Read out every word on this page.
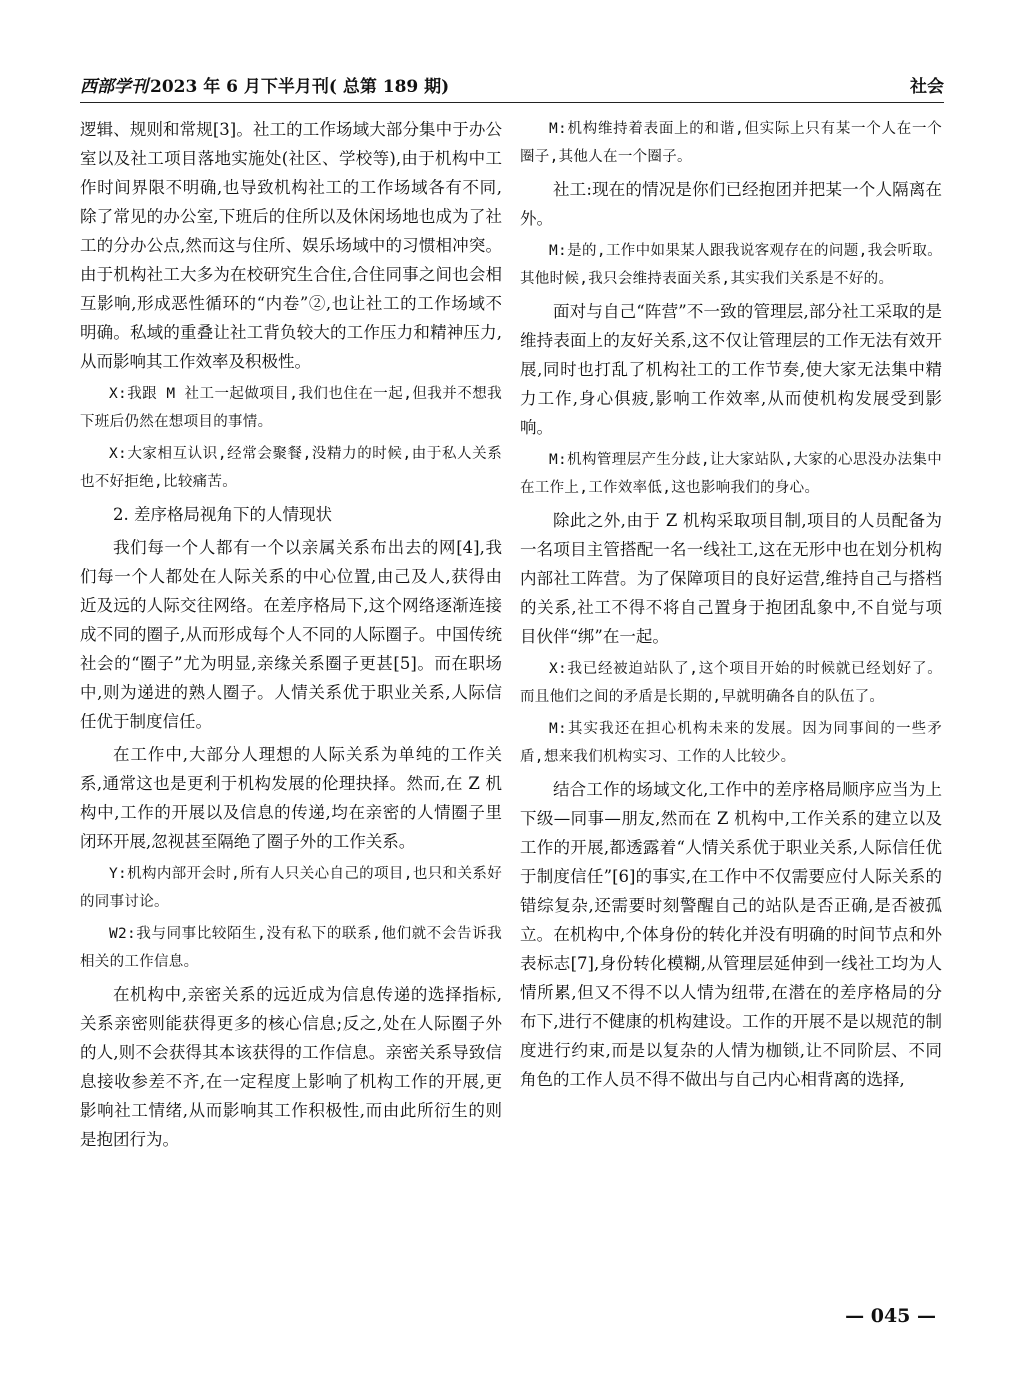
西部学刊 2023 年 6 月下半月刊( 总第 189 期)	社会

逻辑、规则和常规[3]。社工的工作场域大部分集中于办公室以及社工项目落地实施处(社区、学校等),由于机构中工作时间界限不明确,也导致机构社工的工作场域各有不同,除了常见的办公室,下班后的住所以及休闲场地也成为了社工的分办公点,然而这与住所、娱乐场域中的习惯相冲突。由于机构社工大多为在校研究生合住,合住同事之间也会相互影响,形成恶性循环的“内卷”②,也让社工的工作场域不明确。私域的重叠让社工背负较大的工作压力和精神压力,从而影响其工作效率及积极性。

X:我跟 M 社工一起做项目,我们也住在一起,但我并不想我下班后仍然在想项目的事情。

X:大家相互认识,经常会聚餐,没精力的时候,由于私人关系也不好拒绝,比较痛苦。

2. 差序格局视角下的人情现状

我们每一个人都有一个以亲属关系布出去的网[4],我们每一个人都处在人际关系的中心位置,由己及人,获得由近及远的人际交往网络。在差序格局下,这个网络逐渐连接成不同的圈子,从而形成每个人不同的人际圈子。中国传统社会的“圈子”尤为明显,亲缘关系圈子更甚[5]。而在职场中,则为递进的熟人圈子。人情关系优于职业关系,人际信任优于制度信任。

在工作中,大部分人理想的人际关系为单纯的工作关系,通常这也是更利于机构发展的伦理抉择。然而,在 Z 机构中,工作的开展以及信息的传递,均在亲密的人情圈子里闭环开展,忽视甚至隔绝了圈子外的工作关系。

Y:机构内部开会时,所有人只关心自己的项目,也只和关系好的同事讨论。

W2:我与同事比较陌生,没有私下的联系,他们就不会告诉我相关的工作信息。

在机构中,亲密关系的远近成为信息传递的选择指标,关系亲密则能获得更多的核心信息;反之,处在人际圈子外的人,则不会获得其本该获得的工作信息。亲密关系导致信息接收参差不齐,在一定程度上影响了机构工作的开展,更影响社工情绪,从而影响其工作积极性,而由此所衍生的则是抱团行为。

M:机构维持着表面上的和谐,但实际上只有某一个人在一个圈子,其他人在一个圈子。

社工:现在的情况是你们已经抱团并把某一个人隔离在外。

M:是的,工作中如果某人跟我说客观存在的问题,我会听取。其他时候,我只会维持表面关系,其实我们关系是不好的。

面对与自己“阵营”不一致的管理层,部分社工采取的是维持表面上的友好关系,这不仅让管理层的工作无法有效开展,同时也打乱了机构社工的工作节奏,使大家无法集中精力工作,身心俱疲,影响工作效率,从而使机构发展受到影响。

M:机构管理层产生分歧,让大家站队,大家的心思没办法集中在工作上,工作效率低,这也影响我们的身心。

除此之外,由于 Z 机构采取项目制,项目的人员配备为一名项目主管搭配一名一线社工,这在无形中也在划分机构内部社工阵营。为了保障项目的良好运营,维持自己与搭档的关系,社工不得不将自己置身于抱团乱象中,不自觉与项目伙伴“绑”在一起。

X:我已经被迫站队了,这个项目开始的时候就已经划好了。而且他们之间的矛盾是长期的,早就明确各自的队伍了。

M:其实我还在担心机构未来的发展。因为同事间的一些矛盾,想来我们机构实习、工作的人比较少。

结合工作的场域文化,工作中的差序格局顺序应当为上下级—同事—朋友,然而在 Z 机构中,工作关系的建立以及工作的开展,都透露着“人情关系优于职业关系,人际信任优于制度信任”[6]的事实,在工作中不仅需要应付人际关系的错综复杂,还需要时刻警醒自己的站队是否正确,是否被孤立。在机构中,个体身份的转化并没有明确的时间节点和外表标志[7],身份转化模糊,从管理层延伸到一线社工均为人情所累,但又不得不以人情为纽带,在潜在的差序格局的分布下,进行不健康的机构建设。工作的开展不是以规范的制度进行约束,而是以复杂的人情为枷锁,让不同阶层、不同角色的工作人员不得不做出与自己内心相背离的选择,

— 045 —
